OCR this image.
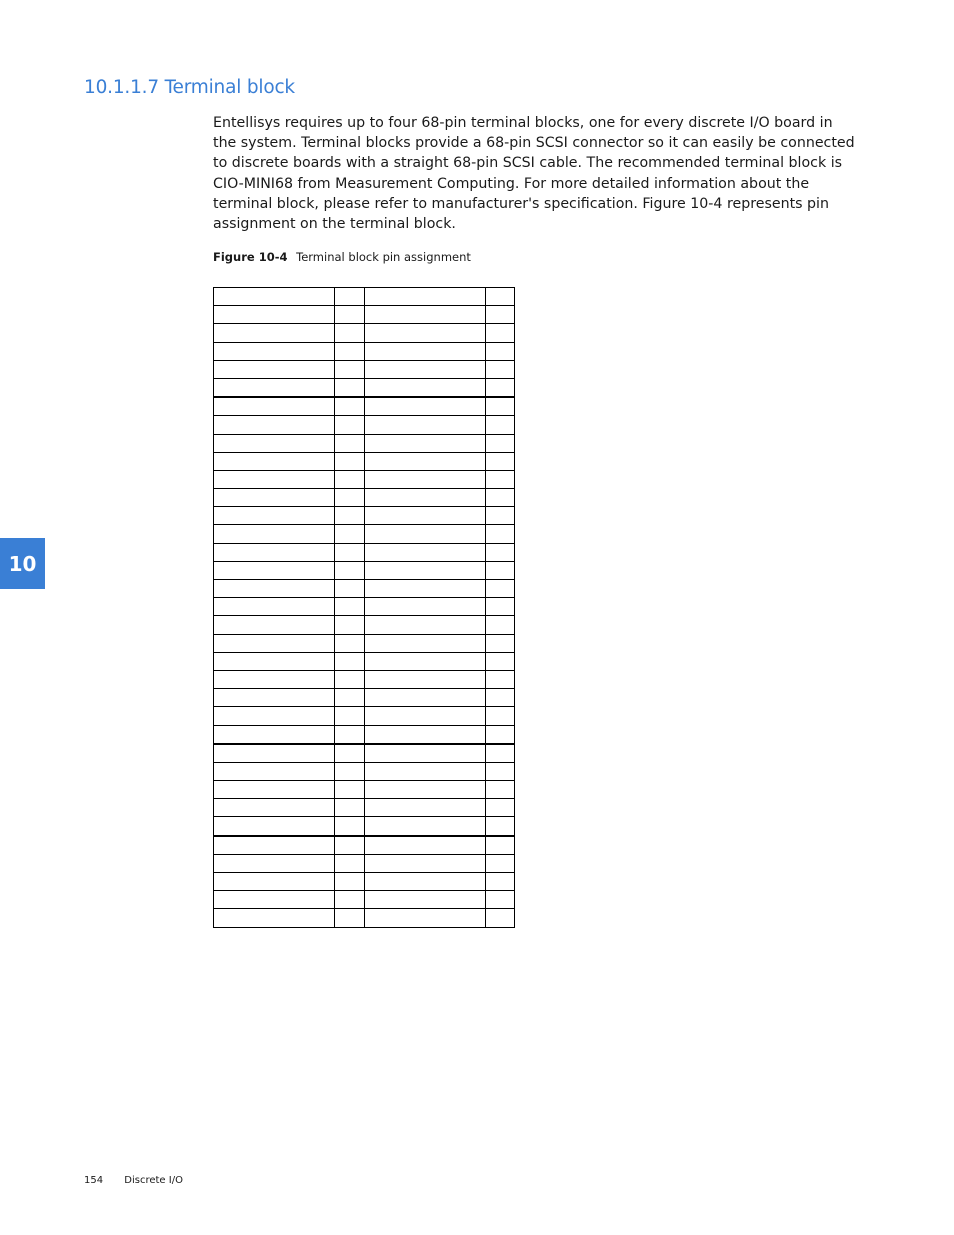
10.1.1.7 Terminal block

Entellisys requires up to four 68-pin terminal blocks, one for every discrete I/O board in the system. Terminal blocks provide a 68-pin SCSI connector so it can easily be connected to discrete boards with a straight 68-pin SCSI cable. The recommended terminal block is CIO-MINI68 from Measurement Computing. For more detailed information about the terminal block, please refer to manufacturer's specification. Figure 10-4 represents pin assignment on the terminal block.

Figure 10-4 Terminal block pin assignment

10
154 Discrete I/O
